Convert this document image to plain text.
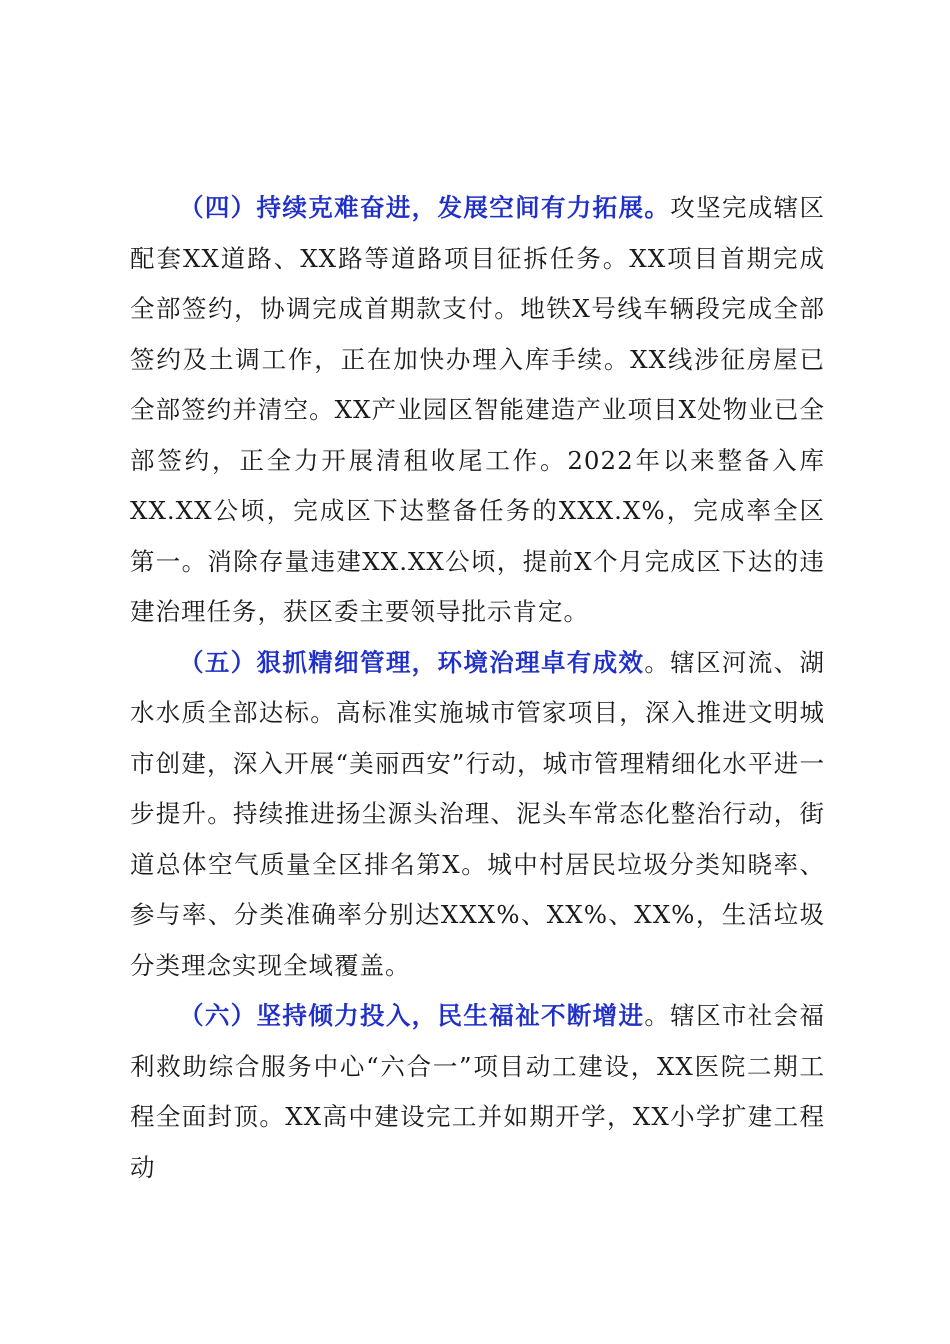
（四）持续克难奋进，发展空间有力拓展。攻坚完成辖区配套XX道路、XX路等道路项目征拆任务。XX项目首期完成全部签约，协调完成首期款支付。地铁X号线车辆段完成全部签约及土调工作，正在加快办理入库手续。XX线涉征房屋已全部签约并清空。XX产业园区智能建造产业项目X处物业已全部签约，正全力开展清租收尾工作。2022年以来整备入库XX.XX公顷，完成区下达整备任务的XXX.X%，完成率全区第一。消除存量违建XX.XX公顷，提前X个月完成区下达的违建治理任务，获区委主要领导批示肯定。

（五）狠抓精细管理，环境治理卓有成效。辖区河流、湖水水质全部达标。高标准实施城市管家项目，深入推进文明城市创建，深入开展“美丽西安”行动，城市管理精细化水平进一步提升。持续推进扬尘源头治理、泥头车常态化整治行动，街道总体空气质量全区排名第X。城中村居民垃圾分类知晓率、参与率、分类准确率分别达XXX%、XX%、XX%，生活垃圾分类理念实现全域覆盖。

（六）坚持倾力投入，民生福祉不断增进。辖区市社会福利救助综合服务中心“六合一”项目动工建设，XX医院二期工程全面封顶。XX高中建设完工并如期开学，XX小学扩建工程动
